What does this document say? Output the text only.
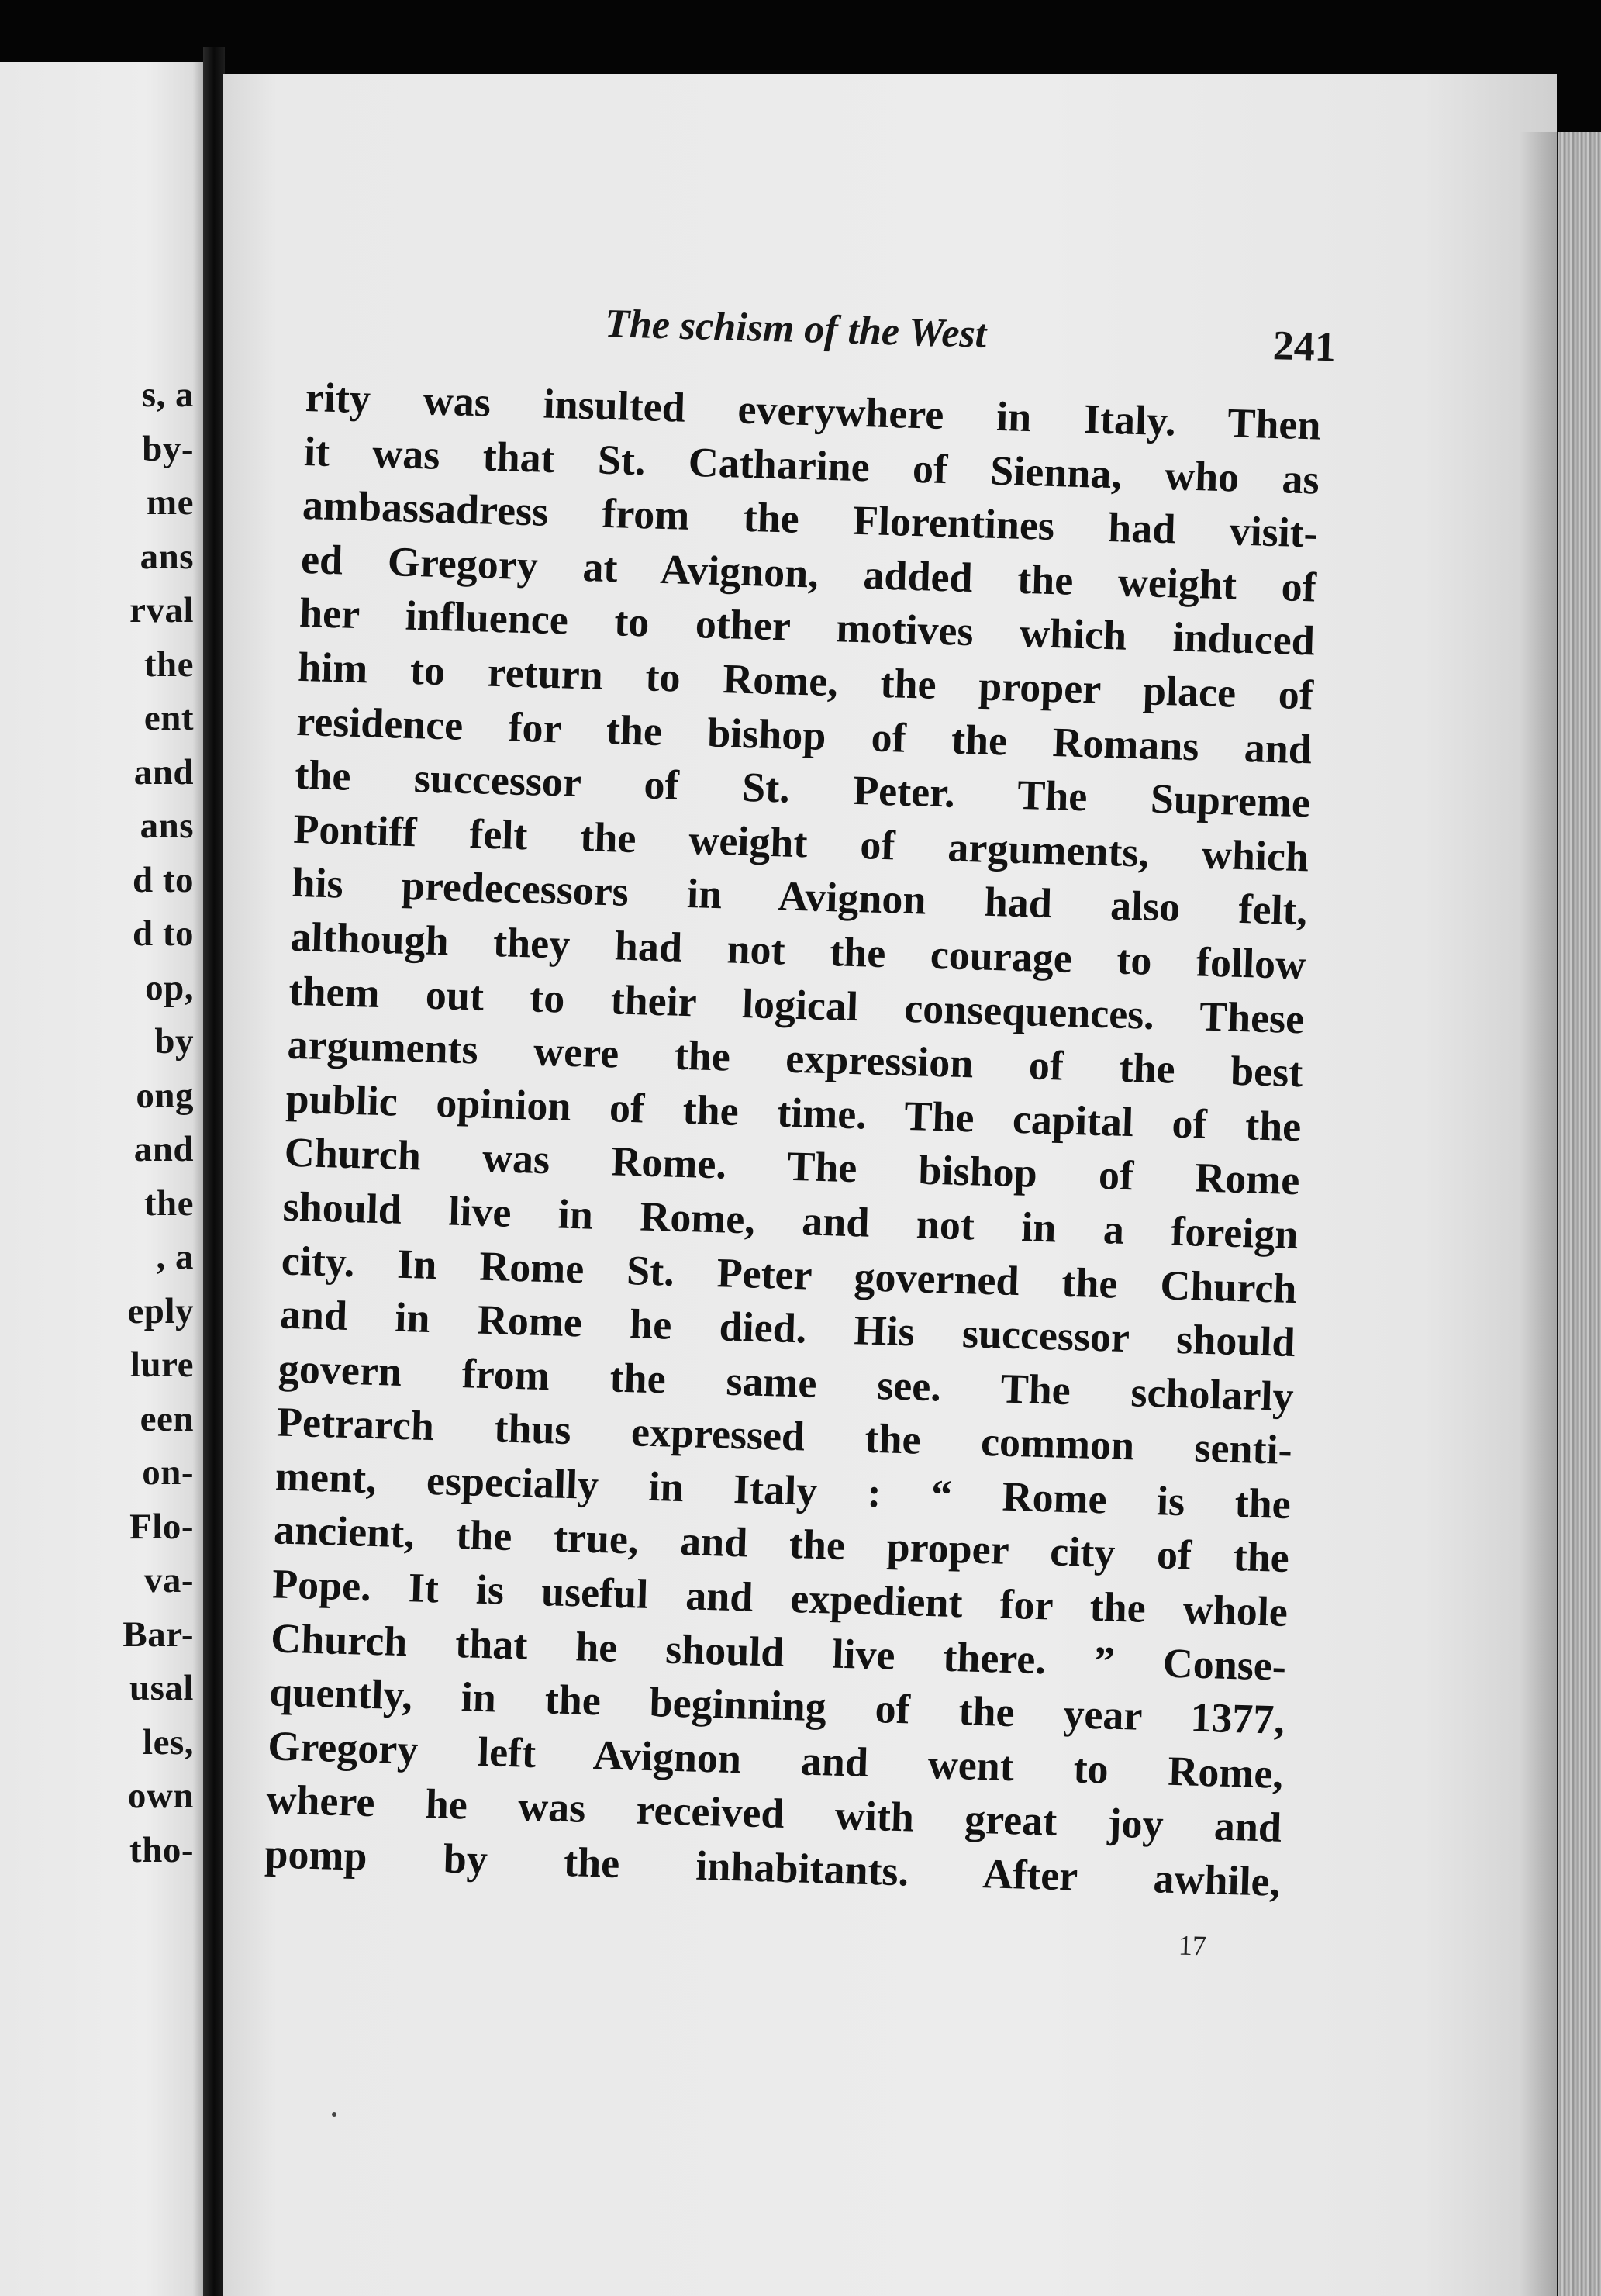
s, a
by-
me
ans
rval
the
ent
and
ans
d to
d to
op,
by
ong
and
the
, a
eply
lure
een
on-
Flo-
va-
Bar-
usal
les,
own
tho-
The schism of the West	241
rity was insulted everywhere in Italy. Then
it was that St. Catharine of Sienna, who as
ambassadress from the Florentines had visit-
ed Gregory at Avignon, added the weight of
her influence to other motives which induced
him to return to Rome, the proper place of
residence for the bishop of the Romans and
the successor of St. Peter. The Supreme
Pontiff felt the weight of arguments, which
his predecessors in Avignon had also felt,
although they had not the courage to follow
them out to their logical consequences. These
arguments were the expression of the best
public opinion of the time. The capital of the
Church was Rome. The bishop of Rome
should live in Rome, and not in a foreign
city. In Rome St. Peter governed the Church
and in Rome he died. His successor should
govern from the same see. The scholarly
Petrarch thus expressed the common senti-
ment, especially in Italy : “ Rome is the
ancient, the true, and the proper city of the
Pope. It is useful and expedient for the whole
Church that he should live there. ” Conse-
quently, in the beginning of the year 1377,
Gregory left Avignon and went to Rome,
where he was received with great joy and
pomp by the inhabitants. After awhile,
17
